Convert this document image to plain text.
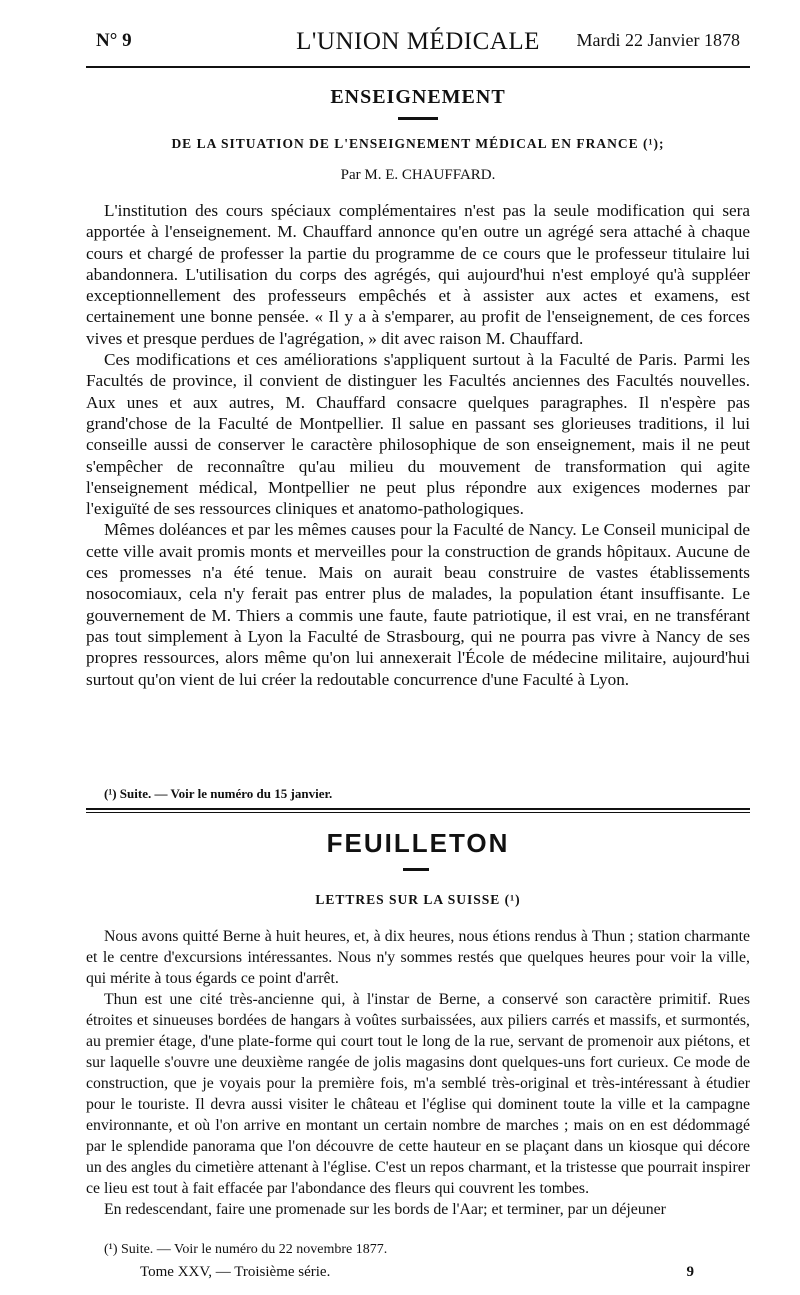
N° 9	L'UNION MÉDICALE	Mardi 22 Janvier 1878
ENSEIGNEMENT
DE LA SITUATION DE L'ENSEIGNEMENT MÉDICAL EN FRANCE (¹);
Par M. E. CHAUFFARD.

L'institution des cours spéciaux complémentaires n'est pas la seule modification qui sera apportée à l'enseignement. M. Chauffard annonce qu'en outre un agrégé sera attaché à chaque cours et chargé de professer la partie du programme de ce cours que le professeur titulaire lui abandonnera. L'utilisation du corps des agrégés, qui aujourd'hui n'est employé qu'à suppléer exceptionnellement des professeurs empêchés et à assister aux actes et examens, est certainement une bonne pensée. « Il y a à s'emparer, au profit de l'enseignement, de ces forces vives et presque perdues de l'agrégation, » dit avec raison M. Chauffard.

Ces modifications et ces améliorations s'appliquent surtout à la Faculté de Paris. Parmi les Facultés de province, il convient de distinguer les Facultés anciennes des Facultés nouvelles. Aux unes et aux autres, M. Chauffard consacre quelques paragraphes. Il n'espère pas grand'chose de la Faculté de Montpellier. Il salue en passant ses glorieuses traditions, il lui conseille aussi de conserver le caractère philosophique de son enseignement, mais il ne peut s'empêcher de reconnaître qu'au milieu du mouvement de transformation qui agite l'enseignement médical, Montpellier ne peut plus répondre aux exigences modernes par l'exiguïté de ses ressources cliniques et anatomo-pathologiques.

Mêmes doléances et par les mêmes causes pour la Faculté de Nancy. Le Conseil municipal de cette ville avait promis monts et merveilles pour la construction de grands hôpitaux. Aucune de ces promesses n'a été tenue. Mais on aurait beau construire de vastes établissements nosocomiaux, cela n'y ferait pas entrer plus de malades, la population étant insuffisante. Le gouvernement de M. Thiers a commis une faute, faute patriotique, il est vrai, en ne transférant pas tout simplement à Lyon la Faculté de Strasbourg, qui ne pourra pas vivre à Nancy de ses propres ressources, alors même qu'on lui annexerait l'École de médecine militaire, aujourd'hui surtout qu'on vient de lui créer la redoutable concurrence d'une Faculté à Lyon.

(¹) Suite. — Voir le numéro du 15 janvier.
FEUILLETON
LETTRES SUR LA SUISSE (¹)

Nous avons quitté Berne à huit heures, et, à dix heures, nous étions rendus à Thun ; station charmante et le centre d'excursions intéressantes. Nous n'y sommes restés que quelques heures pour voir la ville, qui mérite à tous égards ce point d'arrêt.

Thun est une cité très-ancienne qui, à l'instar de Berne, a conservé son caractère primitif. Rues étroites et sinueuses bordées de hangars à voûtes surbaissées, aux piliers carrés et massifs, et surmontés, au premier étage, d'une plate-forme qui court tout le long de la rue, servant de promenoir aux piétons, et sur laquelle s'ouvre une deuxième rangée de jolis magasins dont quelques-uns fort curieux. Ce mode de construction, que je voyais pour la première fois, m'a semblé très-original et très-intéressant à étudier pour le touriste. Il devra aussi visiter le château et l'église qui dominent toute la ville et la campagne environnante, et où l'on arrive en montant un certain nombre de marches ; mais on en est dédommagé par le splendide panorama que l'on découvre de cette hauteur en se plaçant dans un kiosque qui décore un des angles du cimetière attenant à l'église. C'est un repos charmant, et la tristesse que pourrait inspirer ce lieu est tout à fait effacée par l'abondance des fleurs qui couvrent les tombes.

En redescendant, faire une promenade sur les bords de l'Aar; et terminer, par un déjeuner

(¹) Suite. — Voir le numéro du 22 novembre 1877.
Tome XXV, — Troisième série.	9
